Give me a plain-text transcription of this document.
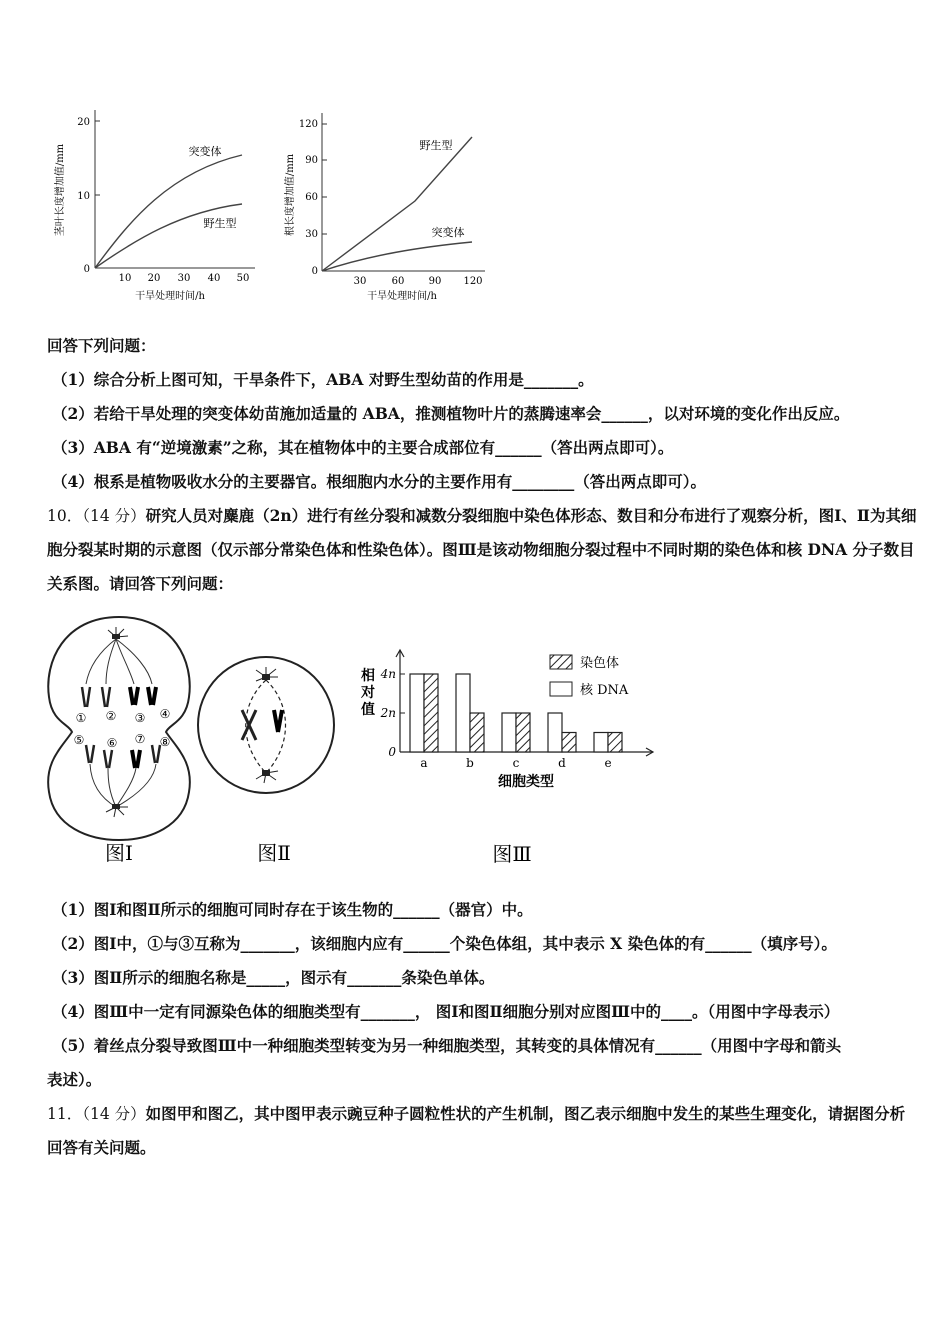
20
10
0
10 20 30 40 50
干旱处理时间/h
茎叶长度增加值/mm	突变体
野生型
120
90
60
30
0
30	60 90 120
干旱处理时间/h
根长度增加值/mm
野生型
突变体
回答下列问题：
（1）综合分析上图可知，干旱条件下，ABA 对野生型幼苗的作用是_______。
（2）若给干旱处理的突变体幼苗施加适量的 ABA，推测植物叶片的蒸腾速率会______，以对环境的变化作出反应。
（3）ABA 有“逆境激素”之称，其在植物体中的主要合成部位有______（答出两点即可）。
（4）根系是植物吸收水分的主要器官。根细胞内水分的主要作用有________（答出两点即可）。
10．（14 分）研究人员对麋鹿（2n）进行有丝分裂和减数分裂细胞中染色体形态、数目和分布进行了观察分析，图Ⅰ、Ⅱ为其细胞分裂某时期的示意图（仅示部分常染色体和性染色体）。图Ⅲ是该动物细胞分裂过程中不同时期的染色体和核 DNA 分子数目关系图。请回答下列问题：
① ② ③ ④
⑤ ⑥ ⑦ ⑧
图Ⅰ	图Ⅱ
4n
2n
0
相
对
值
a	b	c	d	e
细胞类型
染色体
核 DNA
图Ⅲ
（1）图Ⅰ和图Ⅱ所示的细胞可同时存在于该生物的______（器官）中。
（2）图Ⅰ中，①与③互称为_______，该细胞内应有______个染色体组，其中表示 X 染色体的有______（填序号）。
（3）图Ⅱ所示的细胞名称是_____，图示有_______条染色单体。
（4）图Ⅲ中一定有同源染色体的细胞类型有_______， 图Ⅰ和图Ⅱ细胞分别对应图Ⅲ中的____。（用图中字母表示）
（5）着丝点分裂导致图Ⅲ中一种细胞类型转变为另一种细胞类型，其转变的具体情况有______（用图中字母和箭头
表述）。
11．（14 分）如图甲和图乙，其中图甲表示豌豆种子圆粒性状的产生机制，图乙表示细胞中发生的某些生理变化，请据图分析回答有关问题。
